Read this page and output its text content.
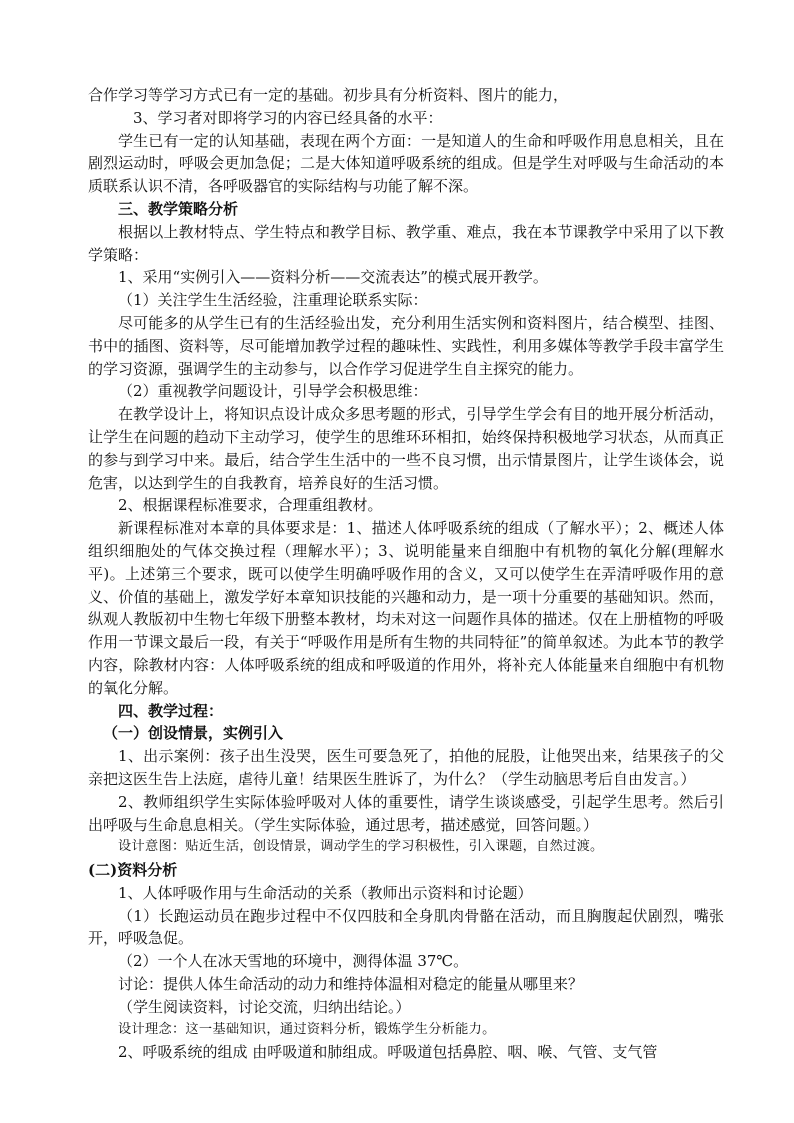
合作学习等学习方式已有一定的基础。初步具有分析资料、图片的能力，

3、学习者对即将学习的内容已经具备的水平：

学生已有一定的认知基础，表现在两个方面：一是知道人的生命和呼吸作用息息相关，且在剧烈运动时，呼吸会更加急促；二是大体知道呼吸系统的组成。但是学生对呼吸与生命活动的本质联系认识不清，各呼吸器官的实际结构与功能了解不深。

三、教学策略分析

根据以上教材特点、学生特点和教学目标、教学重、难点，我在本节课教学中采用了以下教学策略：

1、采用“实例引入——资料分析——交流表达”的模式展开教学。

（1）关注学生生活经验，注重理论联系实际：

尽可能多的从学生已有的生活经验出发，充分利用生活实例和资料图片，结合模型、挂图、书中的插图、资料等，尽可能增加教学过程的趣味性、实践性，利用多媒体等教学手段丰富学生的学习资源，强调学生的主动参与，以合作学习促进学生自主探究的能力。

（2）重视教学问题设计，引导学会积极思维：

在教学设计上，将知识点设计成众多思考题的形式，引导学生学会有目的地开展分析活动，让学生在问题的趋动下主动学习，使学生的思维环环相扣，始终保持积极地学习状态，从而真正的参与到学习中来。最后，结合学生生活中的一些不良习惯，出示情景图片，让学生谈体会，说危害，以达到学生的自我教育，培养良好的生活习惯。

2、根据课程标准要求，合理重组教材。

新课程标准对本章的具体要求是：1、描述人体呼吸系统的组成（了解水平）；2、概述人体组织细胞处的气体交换过程（理解水平）；3、说明能量来自细胞中有机物的氧化分解(理解水平)。上述第三个要求，既可以使学生明确呼吸作用的含义，又可以使学生在弄清呼吸作用的意义、价值的基础上，激发学好本章知识技能的兴趣和动力，是一项十分重要的基础知识。然而，纵观人教版初中生物七年级下册整本教材，均未对这一问题作具体的描述。仅在上册植物的呼吸作用一节课文最后一段，有关于“呼吸作用是所有生物的共同特征”的简单叙述。为此本节的教学内容，除教材内容：人体呼吸系统的组成和呼吸道的作用外，将补充人体能量来自细胞中有机物的氧化分解。

四、教学过程：

（一）创设情景，实例引入

1、出示案例：孩子出生没哭，医生可要急死了，拍他的屁股，让他哭出来，结果孩子的父亲把这医生告上法庭，虐待儿童！结果医生胜诉了，为什么？（学生动脑思考后自由发言。）

2、教师组织学生实际体验呼吸对人体的重要性，请学生谈谈感受，引起学生思考。然后引出呼吸与生命息息相关。（学生实际体验，通过思考，描述感觉，回答问题。）

设计意图：贴近生活，创设情景，调动学生的学习积极性，引入课题，自然过渡。

(二)资料分析

1、人体呼吸作用与生命活动的关系（教师出示资料和讨论题）

（1）长跑运动员在跑步过程中不仅四肢和全身肌肉骨骼在活动，而且胸腹起伏剧烈，嘴张开，呼吸急促。

（2）一个人在冰天雪地的环境中，测得体温 37℃。

讨论：提供人体生命活动的动力和维持体温相对稳定的能量从哪里来？

（学生阅读资料，讨论交流，归纳出结论。）

设计理念：这一基础知识，通过资料分析，锻炼学生分析能力。

2、呼吸系统的组成 由呼吸道和肺组成。呼吸道包括鼻腔、咽、喉、气管、支气管
